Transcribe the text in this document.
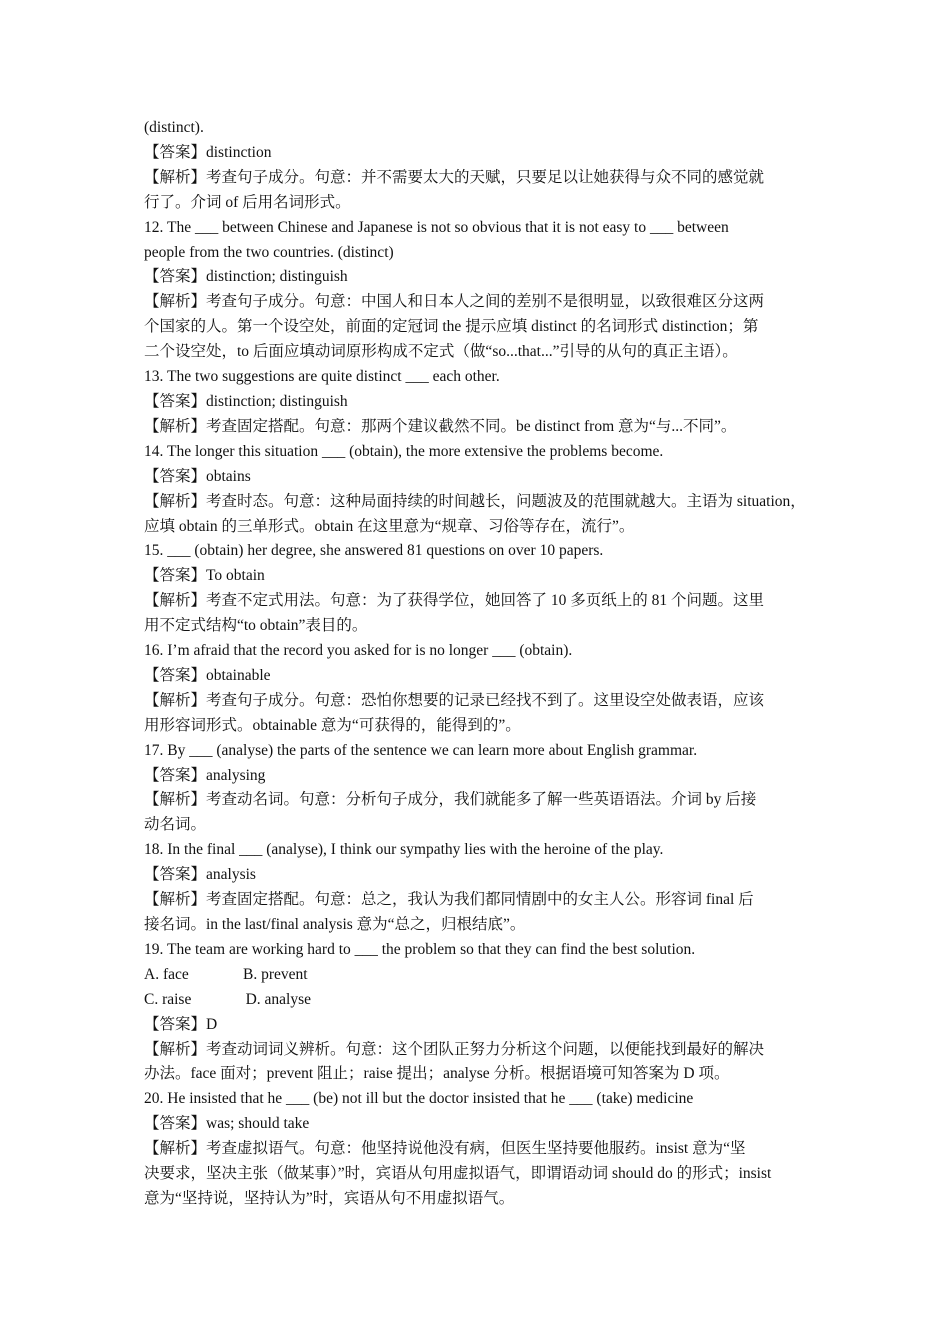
(distinct).

【答案】distinction

【解析】考查句子成分。句意：并不需要太大的天赋，只要足以让她获得与众不同的感觉就

行了。介词 of 后用名词形式。

12. The ___ between Chinese and Japanese is not so obvious that it is not easy to ___ between

people from the two countries. (distinct)

【答案】distinction; distinguish

【解析】考查句子成分。句意：中国人和日本人之间的差别不是很明显，以致很难区分这两

个国家的人。第一个设空处，前面的定冠词 the 提示应填 distinct 的名词形式 distinction；第

二个设空处，to 后面应填动词原形构成不定式（做“so...that...”引导的从句的真正主语）。

13. The two suggestions are quite distinct ___ each other.

【答案】distinction; distinguish

【解析】考查固定搭配。句意：那两个建议截然不同。be distinct from 意为“与...不同”。

14. The longer this situation ___ (obtain), the more extensive the problems become.

【答案】obtains

【解析】考查时态。句意：这种局面持续的时间越长，问题波及的范围就越大。主语为 situation，

应填 obtain 的三单形式。obtain 在这里意为“规章、习俗等存在，流行”。

15. ___ (obtain) her degree, she answered 81 questions on over 10 papers.

【答案】To obtain

【解析】考查不定式用法。句意：为了获得学位，她回答了 10 多页纸上的 81 个问题。这里

用不定式结构“to obtain”表目的。

16. I’m afraid that the record you asked for is no longer ___ (obtain).

【答案】obtainable

【解析】考查句子成分。句意：恐怕你想要的记录已经找不到了。这里设空处做表语，应该

用形容词形式。obtainable 意为“可获得的，能得到的”。

17. By ___ (analyse) the parts of the sentence we can learn more about English grammar.

【答案】analysing

【解析】考查动名词。句意：分析句子成分，我们就能多了解一些英语语法。介词 by 后接

动名词。

18. In the final ___ (analyse), I think our sympathy lies with the heroine of the play.

【答案】analysis

【解析】考查固定搭配。句意：总之，我认为我们都同情剧中的女主人公。形容词 final 后

接名词。in the last/final analysis 意为“总之，归根结底”。

19. The team are working hard to ___ the problem so that they can find the best solution.

A. face              B. prevent

C. raise              D. analyse

【答案】D

【解析】考查动词词义辨析。句意：这个团队正努力分析这个问题，以便能找到最好的解决

办法。face 面对；prevent 阻止；raise 提出；analyse 分析。根据语境可知答案为 D 项。

20. He insisted that he ___ (be) not ill but the doctor insisted that he ___ (take) medicine

【答案】was; should take

【解析】考查虚拟语气。句意：他坚持说他没有病，但医生坚持要他服药。insist 意为“坚

决要求，坚决主张（做某事）”时，宾语从句用虚拟语气，即谓语动词 should do 的形式；insist

意为“坚持说，坚持认为”时，宾语从句不用虚拟语气。
